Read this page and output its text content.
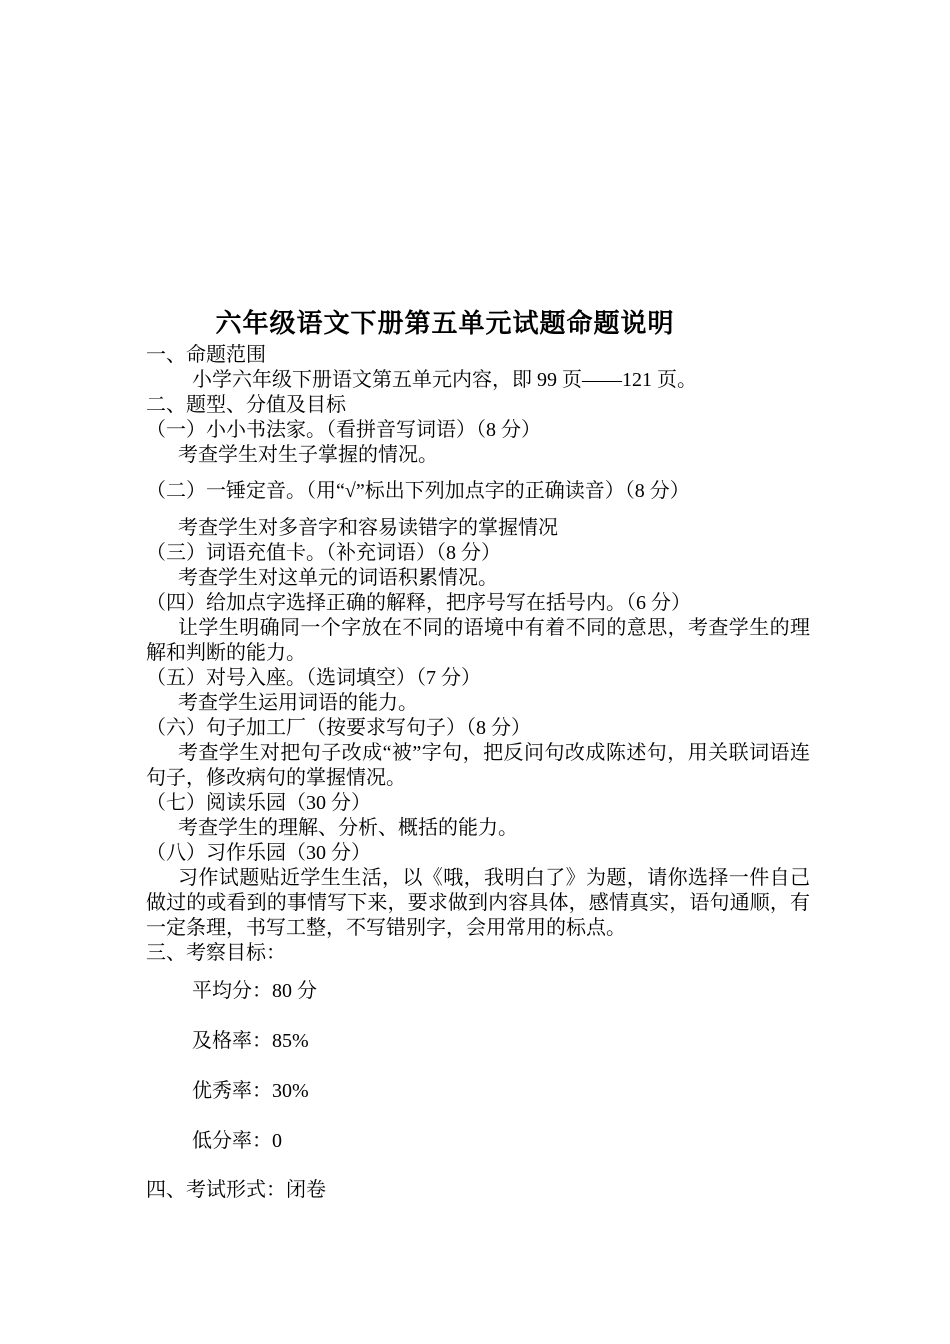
六年级语文下册第五单元试题命题说明
一、命题范围
小学六年级下册语文第五单元内容，即 99 页——121 页。
二、题型、分值及目标
（一）小小书法家。（看拼音写词语）（8 分）
考查学生对生子掌握的情况。
（二）一锤定音。（用“√”标出下列加点字的正确读音）（8 分）
考查学生对多音字和容易读错字的掌握情况
（三）词语充值卡。（补充词语）（8 分）
考查学生对这单元的词语积累情况。
（四）给加点字选择正确的解释，把序号写在括号内。（6 分）
让学生明确同一个字放在不同的语境中有着不同的意思，考查学生的理解和判断的能力。
（五）对号入座。（选词填空）（7 分）
考查学生运用词语的能力。
（六）句子加工厂（按要求写句子）（8 分）
考查学生对把句子改成“被”字句，把反问句改成陈述句，用关联词语连句子，修改病句的掌握情况。
（七）阅读乐园（30 分）
考查学生的理解、分析、概括的能力。
（八）习作乐园（30 分）
习作试题贴近学生生活，以《哦，我明白了》为题，请你选择一件自己做过的或看到的事情写下来，要求做到内容具体，感情真实，语句通顺，有一定条理，书写工整，不写错别字，会用常用的标点。
三、考察目标：
平均分：80 分
及格率：85%
优秀率：30%
低分率：0
四、考试形式：闭卷
